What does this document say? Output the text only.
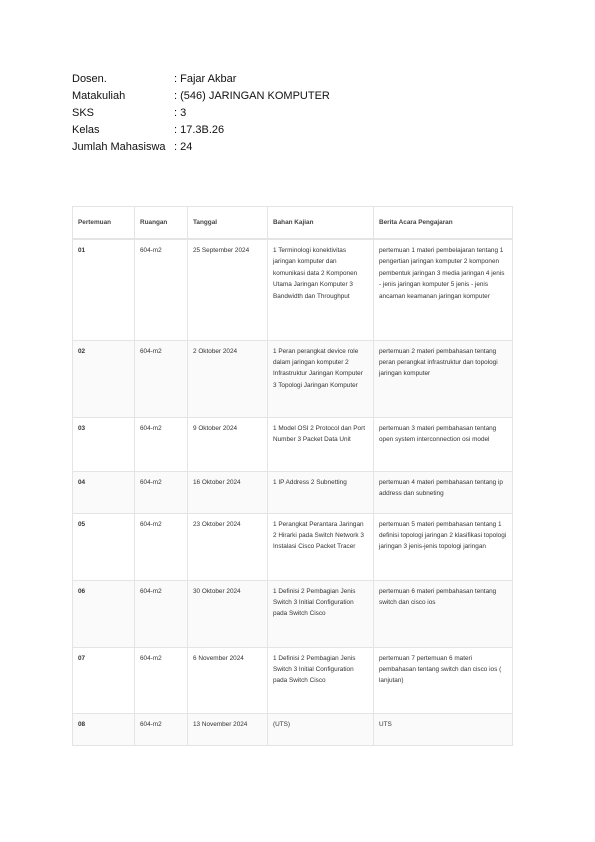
Dosen.	: Fajar Akbar
Matakuliah	: (546) JARINGAN KOMPUTER
SKS	: 3
Kelas	: 17.3B.26
Jumlah Mahasiswa : 24
Pertemuan	Ruangan	Tanggal	Bahan Kajian	Berita Acara Pengajaran
01	604-m2	25 September 2024	1 Terminologi konektivitas jaringan komputer dan komunikasi data 2 Komponen Utama Jaringan Komputer 3 Bandwidth dan Throughput	pertemuan 1 materi pembelajaran tentang 1 pengertian jaringan komputer 2 komponen pembentuk jaringan 3 media jaringan 4 jenis - jenis jaringan komputer 5 jenis - jenis ancaman keamanan jaringan komputer
02	604-m2	2 Oktober 2024	1 Peran perangkat device role dalam jaringan komputer 2 Infrastruktur Jaringan Komputer 3 Topologi Jaringan Komputer	pertemuan 2 materi pembahasan tentang peran perangkat infrastruktur dan topologi jaringan komputer
03	604-m2	9 Oktober 2024	1 Model OSI 2 Protocol dan Port Number 3 Packet Data Unit	pertemuan 3 materi pembahasan tentang open system interconnection osi model
04	604-m2	16 Oktober 2024	1 IP Address 2 Subnetting	pertemuan 4 materi pembahasan tentang ip address dan subneting
05	604-m2	23 Oktober 2024	1 Perangkat Perantara Jaringan 2 Hirarki pada Switch Network 3 Instalasi Cisco Packet Tracer	pertemuan 5 materi pembahasan tentang 1 definisi topologi jaringan 2 klasifikasi topologi jaringan 3 jenis-jenis topologi jaringan
06	604-m2	30 Oktober 2024	1 Definisi 2 Pembagian Jenis Switch 3 Initial Configuration pada Switch Cisco	pertemuan 6 materi pembahasan tentang switch dan cisco ios
07	604-m2	6 November 2024	1 Definisi 2 Pembagian Jenis Switch 3 Initial Configuration pada Switch Cisco	pertemuan 7 pertemuan 6 materi pembahasan tentang switch dan cisco ios ( lanjutan)
08	604-m2	13 November 2024	(UTS)	UTS
